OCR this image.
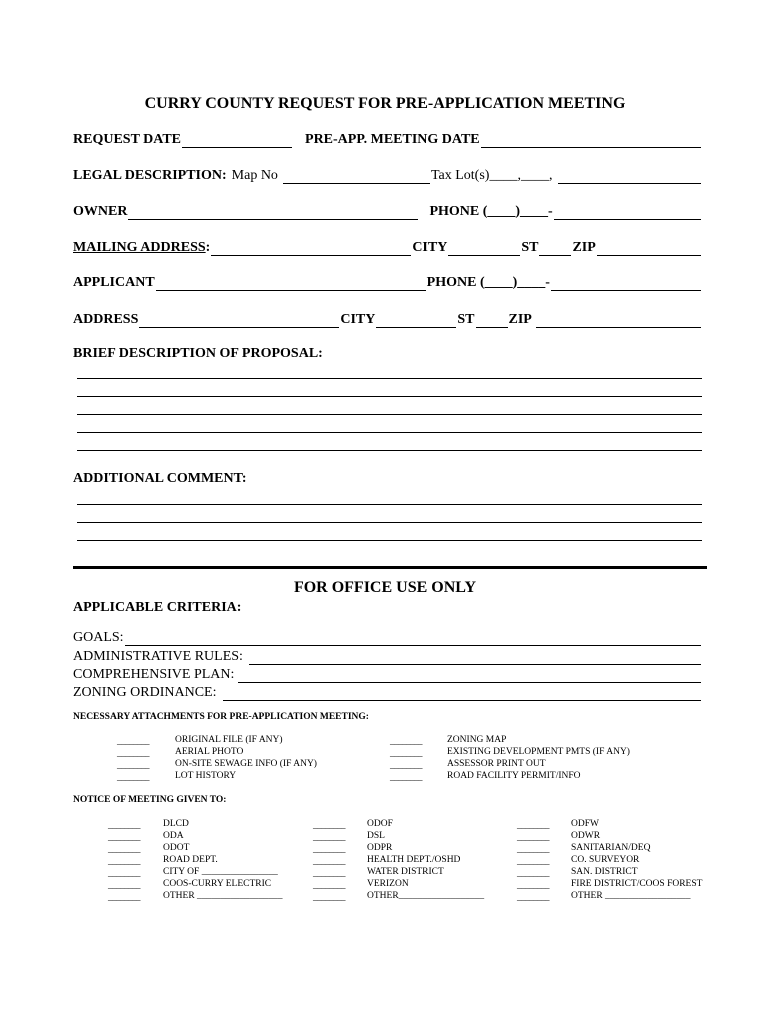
CURRY COUNTY REQUEST FOR PRE-APPLICATION MEETING
REQUEST DATE	PRE-APP. MEETING DATE
LEGAL DESCRIPTION: Map No	Tax Lot(s)____,____,
OWNER	PHONE (____)____-
MAILING ADDRESS :	CITY	ST ZIP
APPLICANT	PHONE (____)____-
ADDRESS	CITY	ST ZIP
BRIEF DESCRIPTION OF PROPOSAL:
ADDITIONAL COMMENT:
FOR OFFICE USE ONLY
APPLICABLE CRITERIA:
GOALS:
ADMINISTRATIVE RULES:
COMPREHENSIVE PLAN:
ZONING ORDINANCE:
NECESSARY ATTACHMENTS FOR PRE-APPLICATION MEETING:
________	ORIGINAL FILE (IF ANY)
________	AERIAL PHOTO
________	ON-SITE SEWAGE INFO (IF ANY)
________	LOT HISTORY
________	ZONING MAP
________	EXISTING DEVELOPMENT PMTS (IF ANY)
________	ASSESSOR PRINT OUT
________	ROAD FACILITY PERMIT/INFO
NOTICE OF MEETING GIVEN TO:
________ DLCD
________ ODA
________ ODOT
________ ROAD DEPT.
________ CITY OF ________________
________ COOS-CURRY ELECTRIC
________ OTHER __________________
________ ODOF
________ DSL
________ ODPR
________ HEALTH DEPT./OSHD
________ WATER DISTRICT
________ VERIZON
________ OTHER__________________
________ ODFW
________ ODWR
________ SANITARIAN/DEQ
________ CO. SURVEYOR
________ SAN. DISTRICT
________ FIRE DISTRICT/COOS FOREST
________ OTHER __________________
